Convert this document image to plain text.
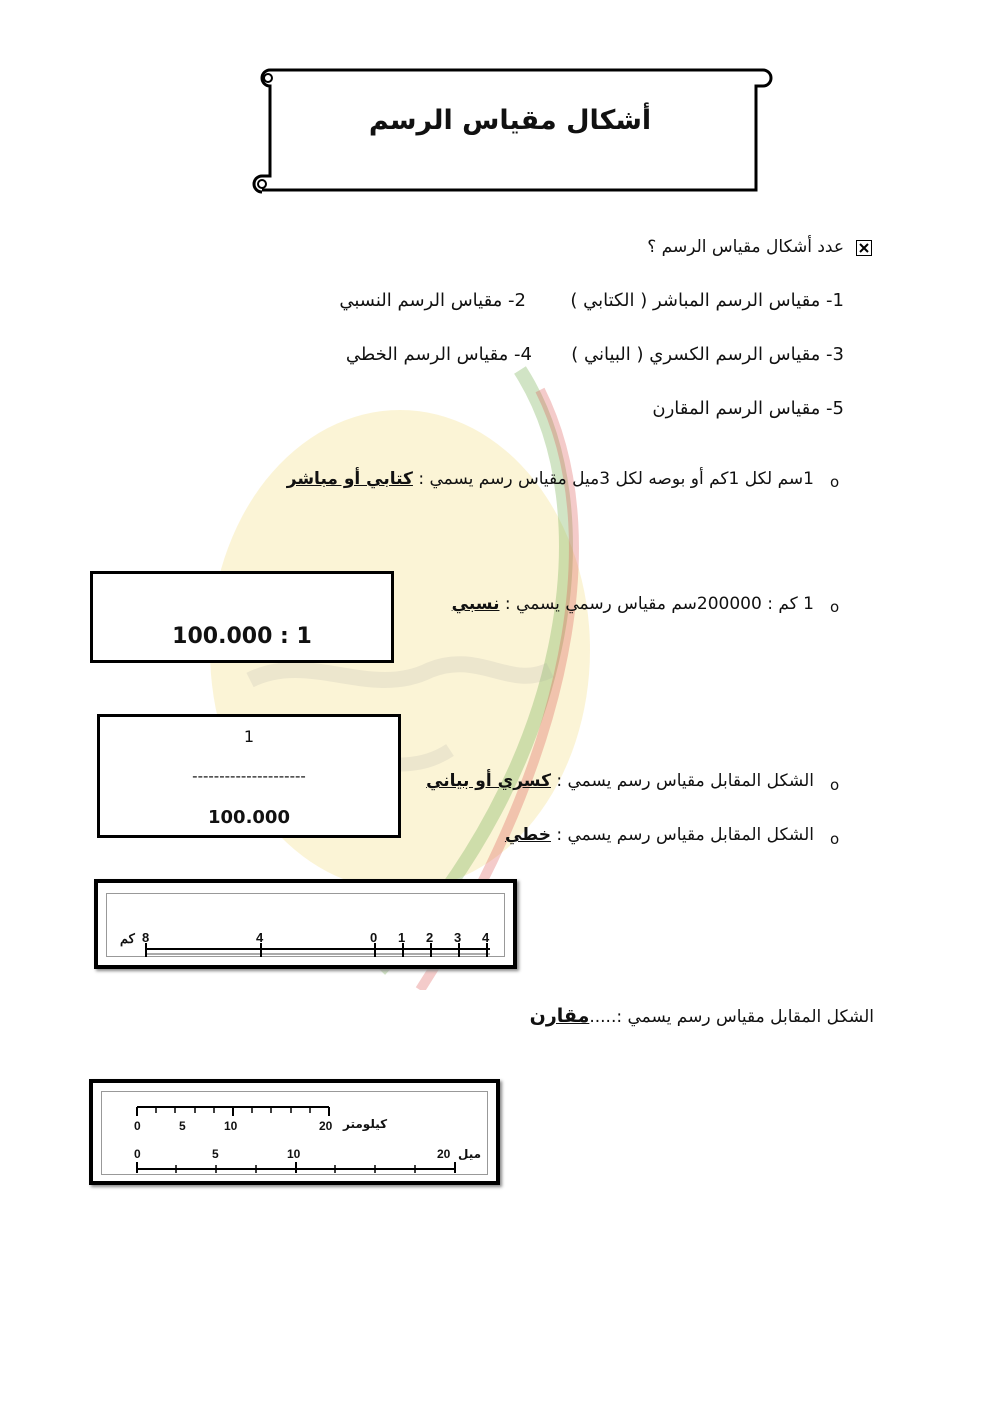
أشكال مقياس الرسم
عدد أشكال مقياس الرسم ؟
1- مقياس الرسم المباشر ( الكتابي )
2- مقياس الرسم النسبي
3- مقياس الرسم الكسري ( البياني )
4- مقياس الرسم الخطي
5- مقياس الرسم المقارن
o
1سم لكل 1كم أو بوصه لكل 3ميل مقياس رسم يسمي : كتابي أو مباشر
100.000 : 1
o
1 كم : 200000سم مقياس رسمي يسمي : نسبي
1
---------------------
100.000
o
الشكل المقابل مقياس رسم يسمي : كسري أو بياني
o
الشكل المقابل مقياس رسم يسمي : خطي
كم 8	4	0 1 2 3 4
الشكل المقابل مقياس رسم يسمي :.....مقارن
0	5	10	20 كيلومتر
0	5	10	20 ميل
